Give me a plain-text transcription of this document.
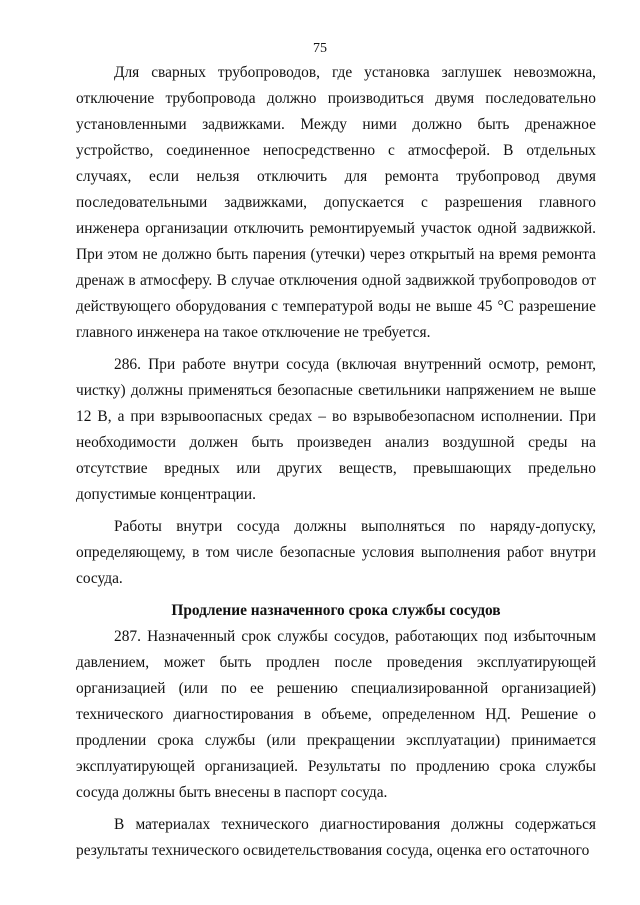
75

Для сварных трубопроводов, где установка заглушек невозможна, отключение трубопровода должно производиться двумя последовательно установленными задвижками. Между ними должно быть дренажное устройство, соединенное непосредственно с атмосферой. В отдельных случаях, если нельзя отключить для ремонта трубопровод двумя последовательными задвижками, допускается с разрешения главного инженера организации отключить ремонтируемый участок одной задвижкой. При этом не должно быть парения (утечки) через открытый на время ремонта дренаж в атмосферу. В случае отключения одной задвижкой трубопроводов от действующего оборудования с температурой воды не выше 45 °С разрешение главного инженера на такое отключение не требуется.

286. При работе внутри сосуда (включая внутренний осмотр, ремонт, чистку) должны применяться безопасные светильники напряжением не выше 12 В, а при взрывоопасных средах – во взрывобезопасном исполнении. При необходимости должен быть произведен анализ воздушной среды на отсутствие вредных или других веществ, превышающих предельно допустимые концентрации.

Работы внутри сосуда должны выполняться по наряду-допуску, определяющему, в том числе безопасные условия выполнения работ внутри сосуда.

Продление назначенного срока службы сосудов

287. Назначенный срок службы сосудов, работающих под избыточным давлением, может быть продлен после проведения эксплуатирующей организацией (или по ее решению специализированной организацией) технического диагностирования в объеме, определенном НД. Решение о продлении срока службы (или прекращении эксплуатации) принимается эксплуатирующей организацией. Результаты по продлению срока службы сосуда должны быть внесены в паспорт сосуда.

В материалах технического диагностирования должны содержаться результаты технического освидетельствования сосуда, оценка его остаточного
